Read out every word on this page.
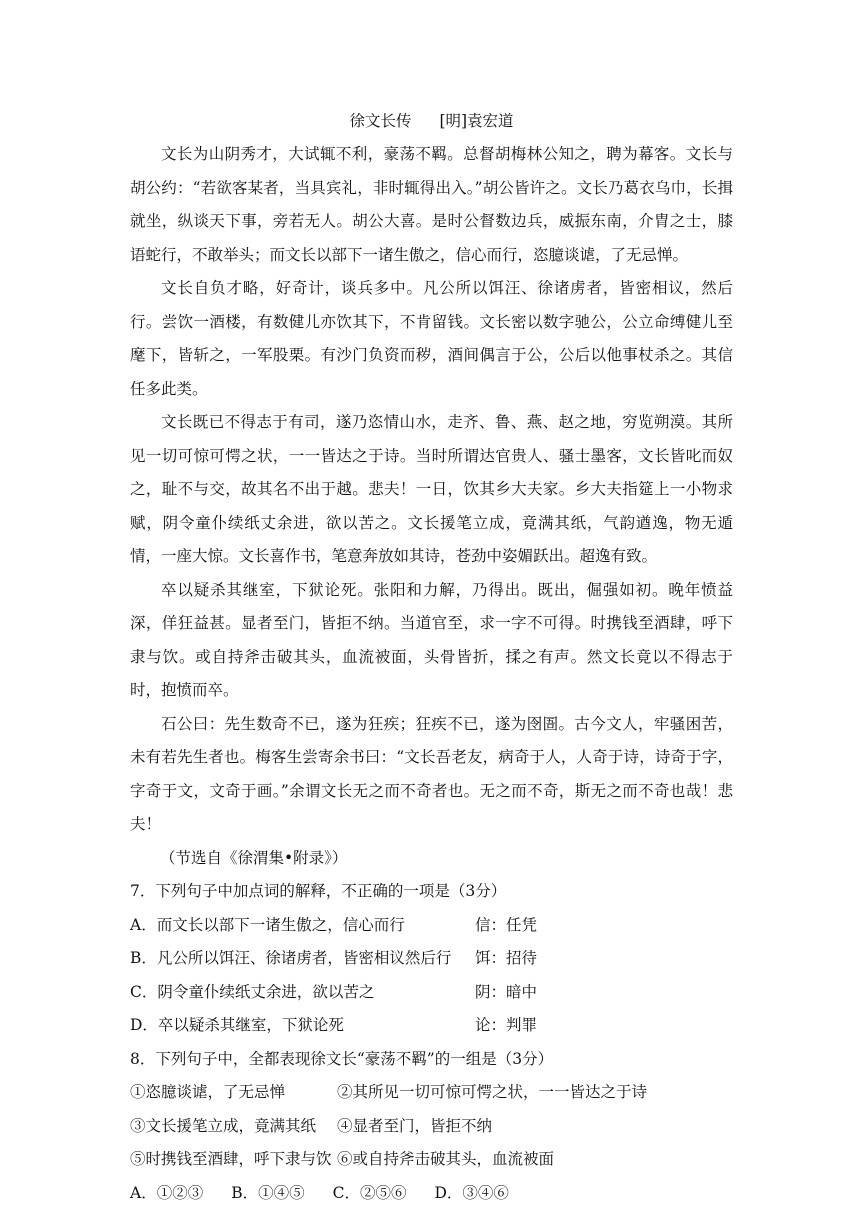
徐文长传 [明]袁宏道

文长为山阴秀才，大试辄不利，豪荡不羁。总督胡梅林公知之，聘为幕客。文长与胡公约：“若欲客某者，当具宾礼，非时辄得出入。”胡公皆许之。文长乃葛衣乌巾，长揖就坐，纵谈天下事，旁若无人。胡公大喜。是时公督数边兵，威振东南，介胄之士，膝语蛇行，不敢举头；而文长以部下一诸生傲之，信心而行，恣臆谈谑，了无忌惮。

文长自负才略，好奇计，谈兵多中。凡公所以饵汪、徐诸虏者，皆密相议，然后行。尝饮一酒楼，有数健儿亦饮其下，不肯留钱。文长密以数字驰公，公立命缚健儿至麾下，皆斩之，一军股栗。有沙门负资而秽，酒间偶言于公，公后以他事杖杀之。其信任多此类。

文长既已不得志于有司，遂乃恣情山水，走齐、鲁、燕、赵之地，穷览朔漠。其所见一切可惊可愕之状，一一皆达之于诗。当时所谓达官贵人、骚士墨客，文长皆叱而奴之，耻不与交，故其名不出于越。悲夫！一日，饮其乡大夫家。乡大夫指筵上一小物求赋，阴令童仆续纸丈余进，欲以苦之。文长援笔立成，竟满其纸，气韵遒逸，物无遁情，一座大惊。文长喜作书，笔意奔放如其诗，苍劲中姿媚跃出。超逸有致。

卒以疑杀其继室，下狱论死。张阳和力解，乃得出。既出，倔强如初。晚年愤益深，佯狂益甚。显者至门，皆拒不纳。当道官至，求一字不可得。时携钱至酒肆，呼下隶与饮。或自持斧击破其头，血流被面，头骨皆折，揉之有声。然文长竟以不得志于时，抱愤而卒。

石公曰：先生数奇不已，遂为狂疾；狂疾不已，遂为囹圄。古今文人，牢骚困苦，未有若先生者也。梅客生尝寄余书曰：“文长吾老友，病奇于人，人奇于诗，诗奇于字，字奇于文，文奇于画。”余谓文长无之而不奇者也。无之而不奇，斯无之而不奇也哉！悲夫！

（节选自《徐渭集•附录》）
7．下列句子中加点词的解释，不正确的一项是（3分）
A．而文长以部下一诸生傲之，信心而行	信：任凭
B．凡公所以饵汪、徐诸虏者，皆密相议然后行	饵：招待
C．阴令童仆续纸丈余进，欲以苦之	阴：暗中
D．卒以疑杀其继室，下狱论死	论：判罪
8．下列句子中，全都表现徐文长“豪荡不羁”的一组是（3分）
①恣臆谈谑，了无忌惮	②其所见一切可惊可愕之状，一一皆达之于诗
③文长援笔立成，竟满其纸	④显者至门，皆拒不纳
⑤时携钱至酒肆，呼下隶与饮 ⑥或自持斧击破其头，血流被面
A．①②③ B．①④⑤ C．②⑤⑥ D．③④⑥
